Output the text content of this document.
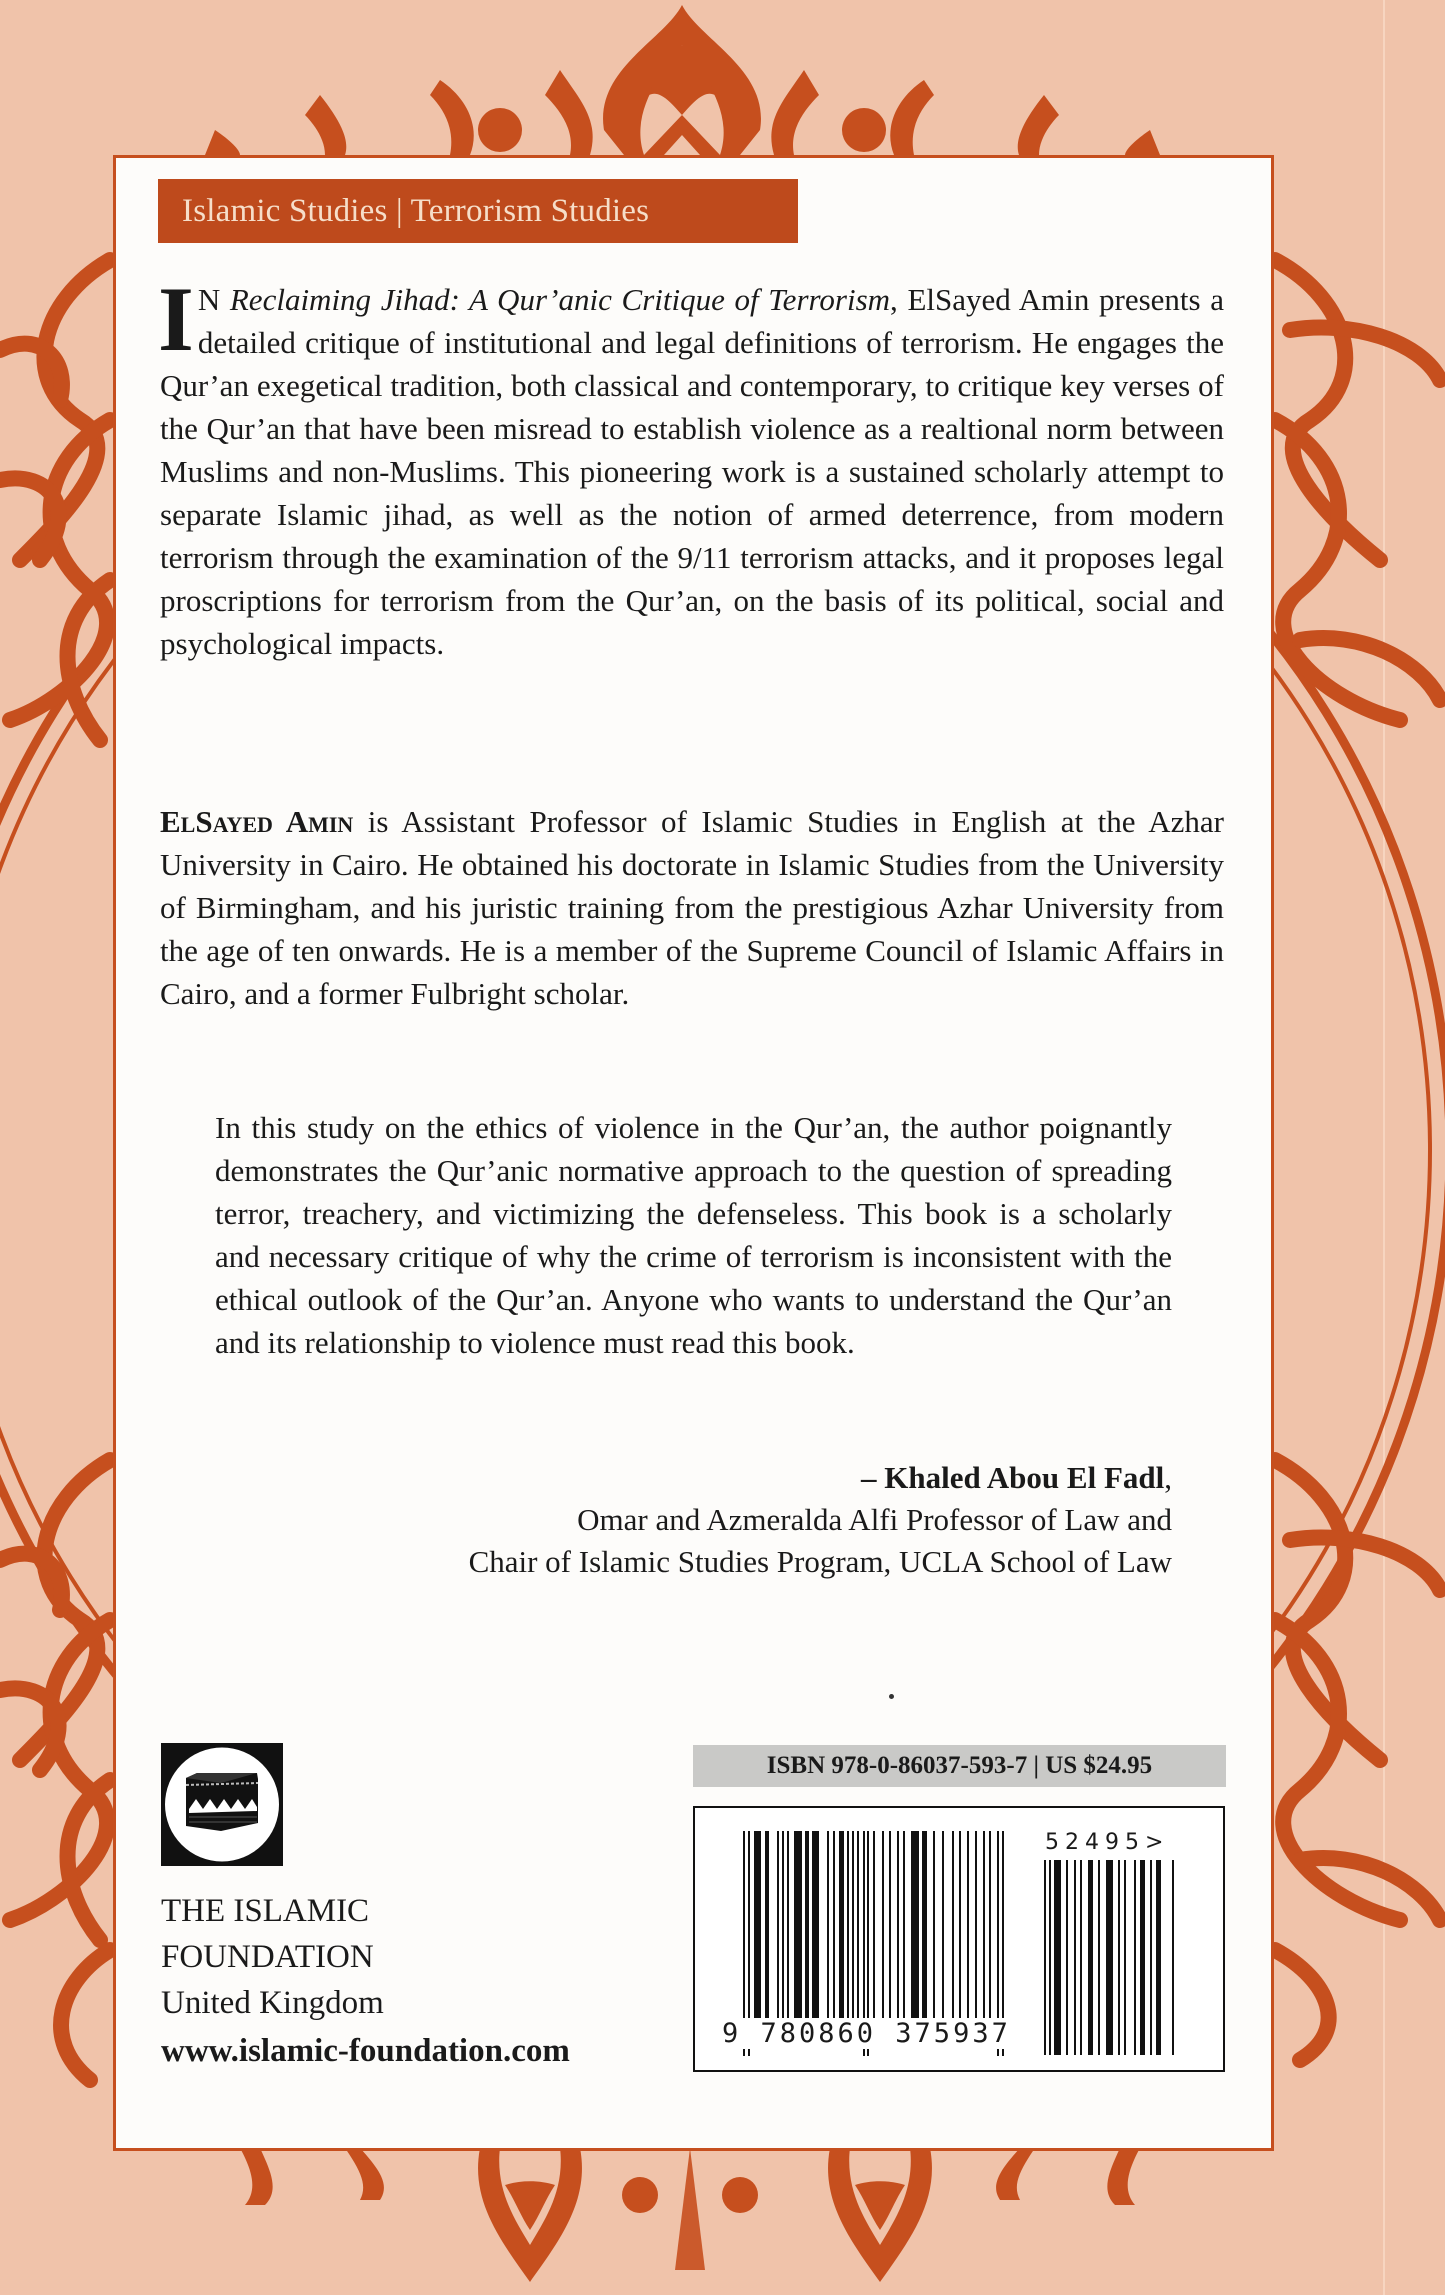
Islamic Studies | Terrorism Studies
I N Reclaiming Jihad: A Qur’anic Critique of Terrorism, ElSayed Amin presents a detailed critique of institutional and legal definitions of terrorism. He engages the Qur’an exegetical tradition, both classical and contemporary, to critique key verses of the Qur’an that have been misread to establish violence as a realtional norm between Muslims and non-Muslims. This pioneering work is a sustained scholarly attempt to separate Islamic jihad, as well as the notion of armed deterrence, from modern terrorism through the examination of the 9/11 terrorism attacks, and it proposes legal proscriptions for terrorism from the Qur’an, on the basis of its political, social and psychological impacts.
ElSayed Amin is Assistant Professor of Islamic Studies in English at the Azhar University in Cairo. He obtained his doctorate in Islamic Studies from the University of Birmingham, and his juristic training from the prestigious Azhar University from the age of ten onwards. He is a member of the Supreme Council of Islamic Affairs in Cairo, and a former Fulbright scholar.
In this study on the ethics of violence in the Qur’an, the author poignantly demonstrates the Qur’anic normative approach to the question of spreading terror, treachery, and victimizing the defenseless. This book is a scholarly and necessary critique of why the crime of terrorism is inconsistent with the ethical outlook of the Qur’an. Anyone who wants to understand the Qur’an and its relationship to violence must read this book.
– Khaled Abou El Fadl,
Omar and Azmeralda Alfi Professor of Law and
Chair of Islamic Studies Program, UCLA School of Law
THE ISLAMIC
FOUNDATION
United Kingdom
www.islamic-foundation.com
ISBN 978-0-86037-593-7 | US $24.95
9 780860 375937
52495>
